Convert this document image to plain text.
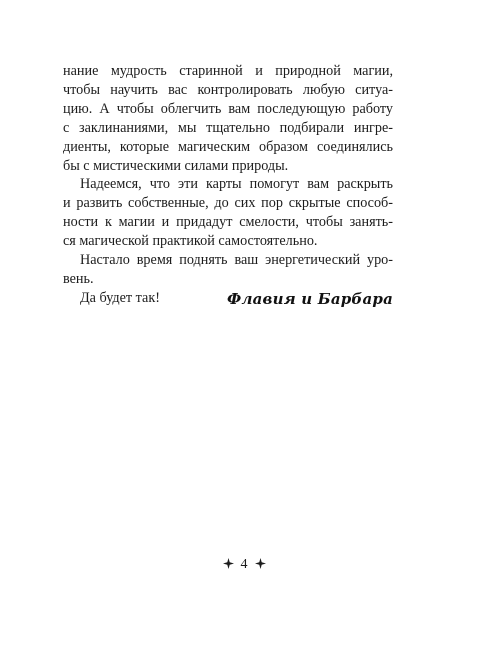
нание мудрость старинной и природной магии,
чтобы научить вас контролировать любую ситуа-
цию. А чтобы облегчить вам последующую работу
с заклинаниями, мы тщательно подбирали ингре-
диенты, которые магическим образом соединялись
бы с мистическими силами природы.
Надеемся, что эти карты помогут вам раскрыть
и развить собственные, до сих пор скрытые способ-
ности к магии и придадут смелости, чтобы занять-
ся магической практикой самостоятельно.
Настало время поднять ваш энергетический уро-
вень.
Да будет так!	Флавия и Барбара
4
